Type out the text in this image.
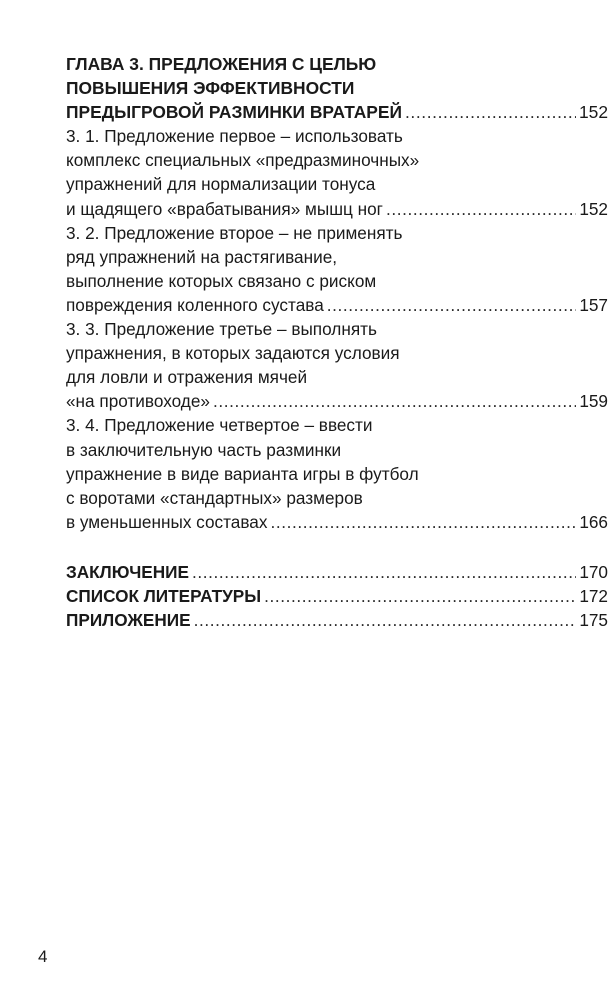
ГЛАВА 3. ПРЕДЛОЖЕНИЯ С ЦЕЛЬЮ
ПОВЫШЕНИЯ ЭФФЕКТИВНОСТИ
ПРЕДЫГРОВОЙ РАЗМИНКИ ВРАТАРЕЙ .....	152
3. 1. Предложение первое – использовать
комплекс специальных «предразминочных»
упражнений для нормализации тонуса
и щадящего «врабатывания» мышц ног .....	152
3. 2. Предложение второе – не применять
ряд упражнений на растягивание,
выполнение которых связано с риском
повреждения коленного сустава .....	157
3. 3. Предложение третье – выполнять
упражнения, в которых задаются условия
для ловли и отражения мячей
«на противоходе» .....	159
3. 4. Предложение четвертое – ввести
в заключительную часть разминки
упражнение в виде варианта игры в футбол
с воротами «стандартных» размеров
в уменьшенных составах .....	166
ЗАКЛЮЧЕНИЕ .....	170
СПИСОК ЛИТЕРАТУРЫ .....	172
ПРИЛОЖЕНИЕ .....	175
4
